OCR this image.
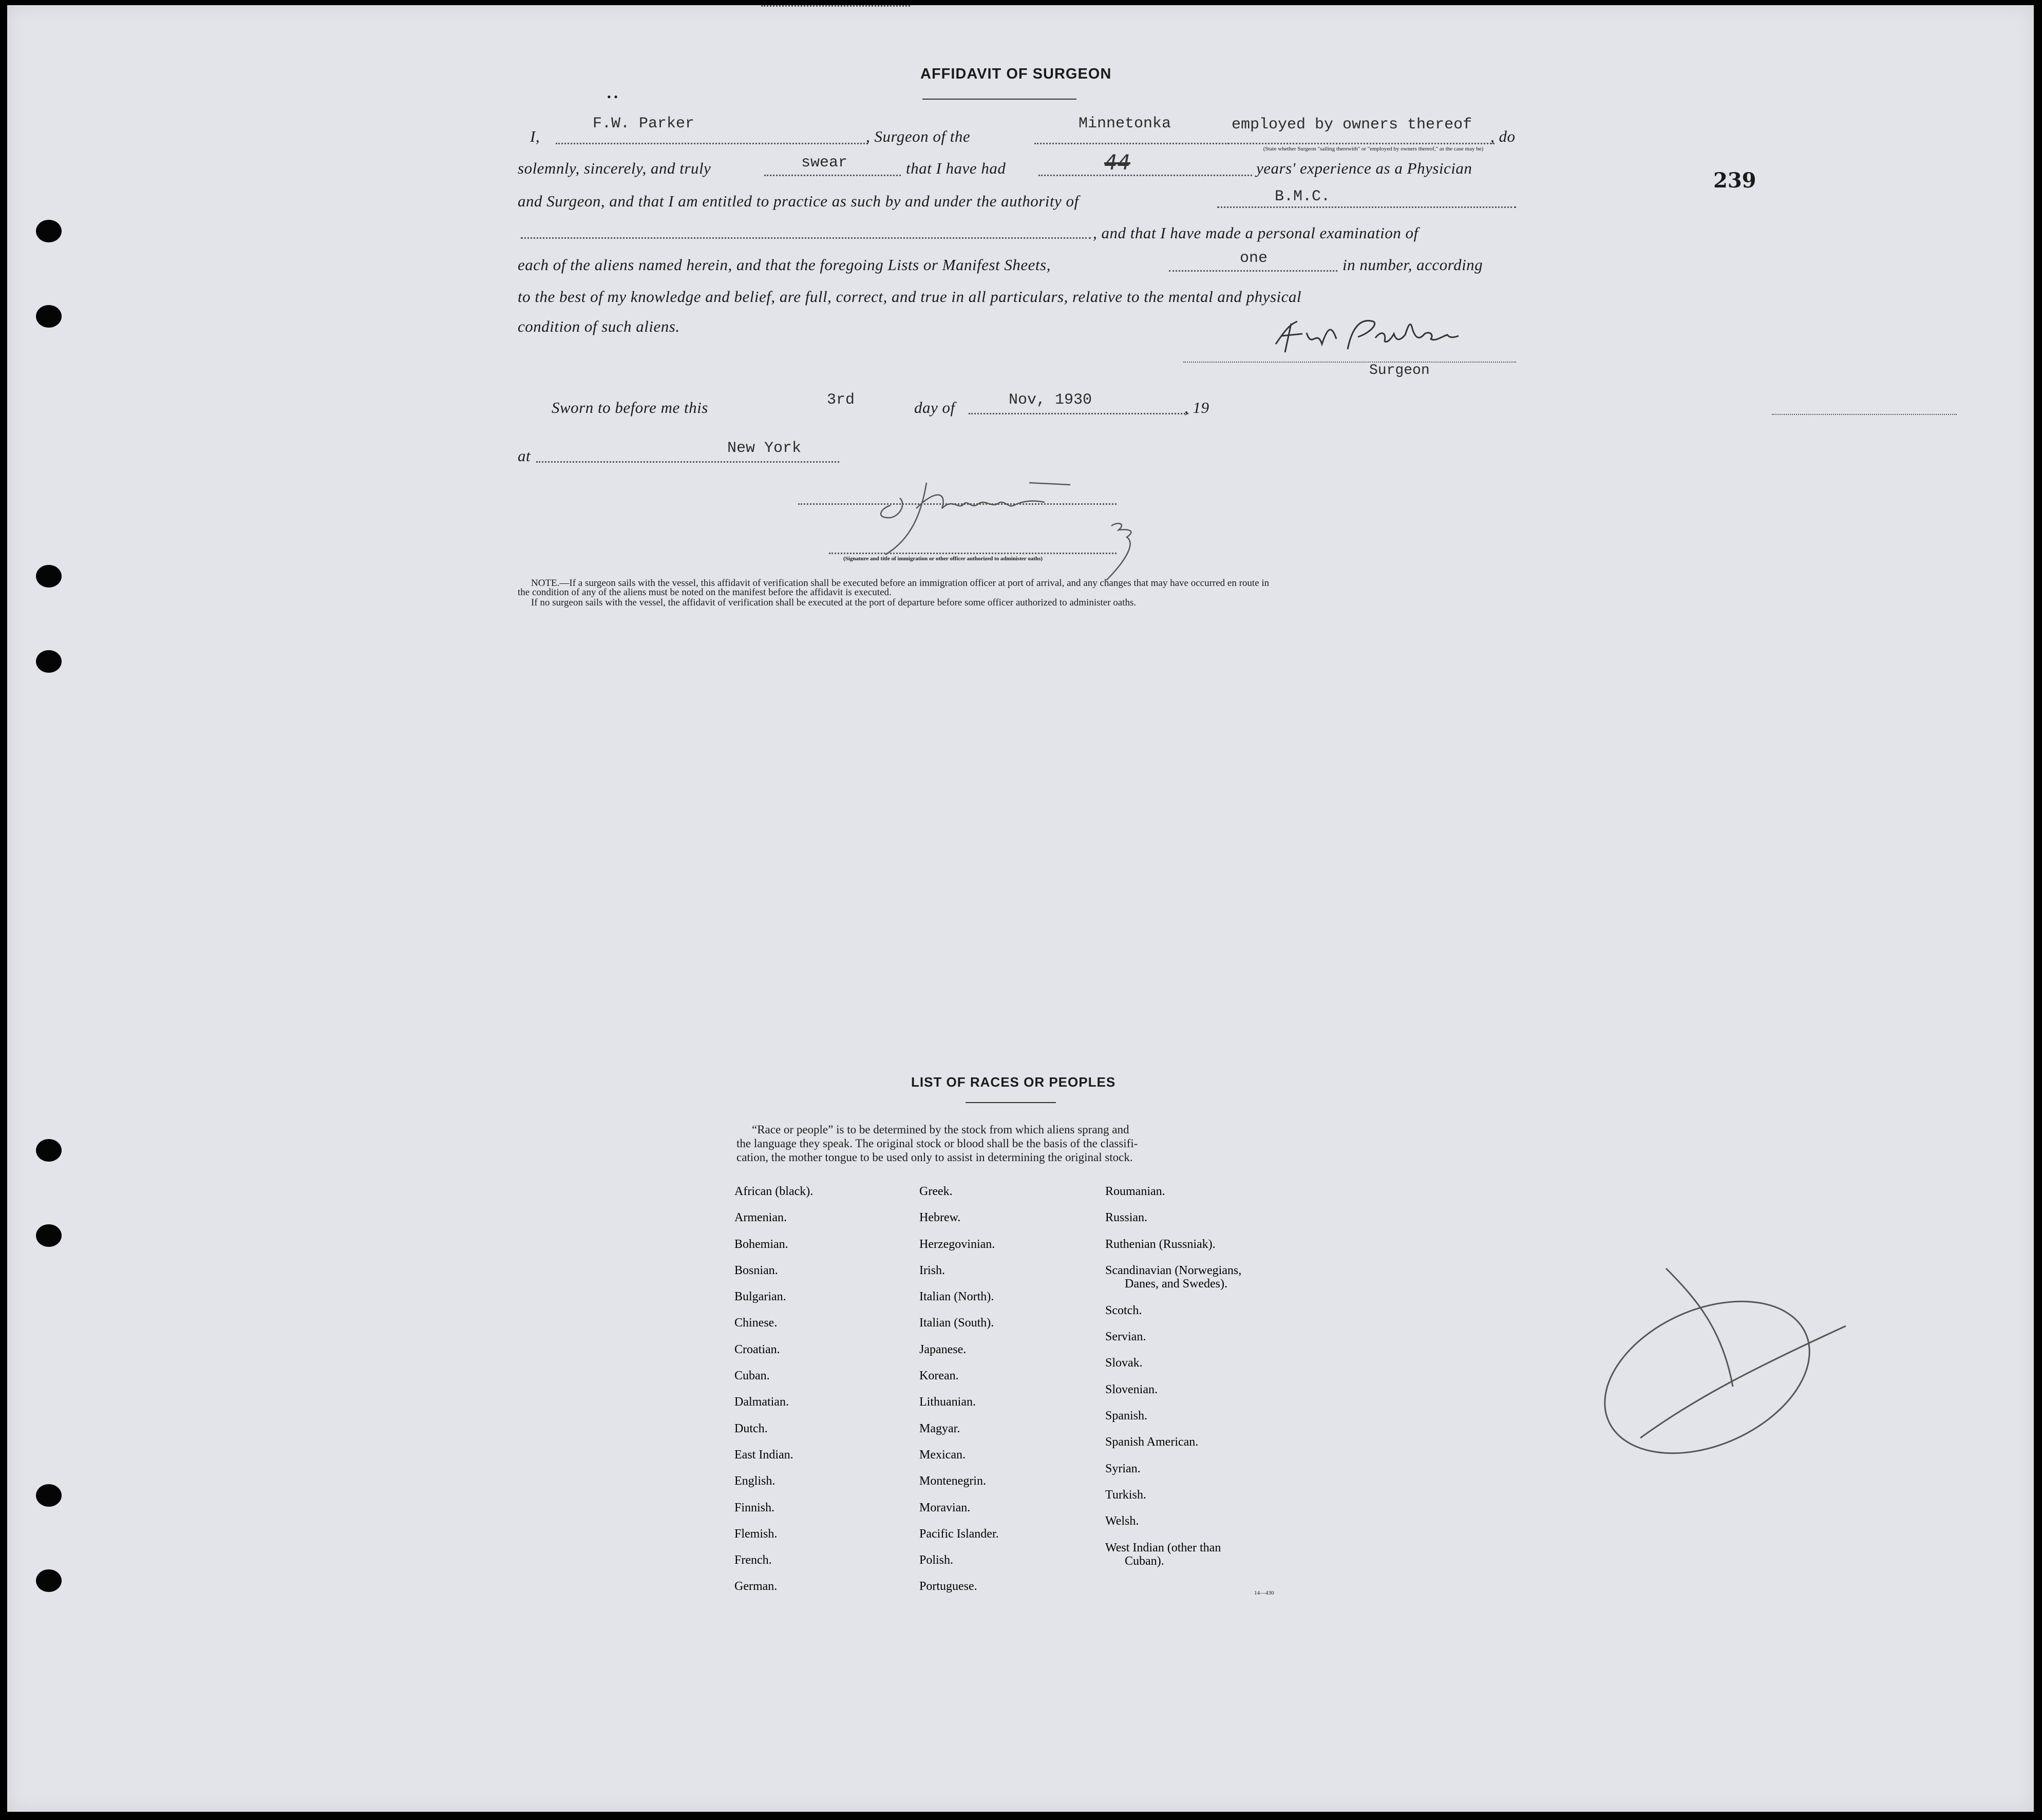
239
AFFIDAVIT OF SURGEON
• •
I,
F.W. Parker
, Surgeon of the
Minnetonka	employed by owners thereof
(State whether Surgeon "sailing therewith" or "employed by owners thereof," as the case may be)
, do
solemnly, sincerely, and truly	swear	that I have had	44	years' experience as a Physician
and Surgeon, and that I am entitled to practice as such by and under the authority of	B.M.C.
, and that I have made a personal examination of
each of the aliens named herein, and that the foregoing Lists or Manifest Sheets,	one	in number, according
to the best of my knowledge and belief, are full, correct, and true in all particulars, relative to the mental and physical
condition of such aliens.
Surgeon
Sworn to before me this	3rd	day of	Nov, 1930	, 19
at	New York
(Signature and title of immigration or other officer authorized to administer oaths)
NOTE.—If a surgeon sails with the vessel, this affidavit of verification shall be executed before an immigration officer at port of arrival, and any changes that may have occurred en route in
the condition of any of the aliens must be noted on the manifest before the affidavit is executed.
If no surgeon sails with the vessel, the affidavit of verification shall be executed at the port of departure before some officer authorized to administer oaths.
LIST OF RACES OR PEOPLES
“Race or people” is to be determined by the stock from which aliens sprang and
the language they speak. The original stock or blood shall be the basis of the classifi-
cation, the mother tongue to be used only to assist in determining the original stock.
African (black).
Armenian.
Bohemian.
Bosnian.
Bulgarian.
Chinese.
Croatian.
Cuban.
Dalmatian.
Dutch.
East Indian.
English.
Finnish.
Flemish.
French.
German.
Greek.
Hebrew.
Herzegovinian.
Irish.
Italian (North).
Italian (South).
Japanese.
Korean.
Lithuanian.
Magyar.
Mexican.
Montenegrin.
Moravian.
Pacific Islander.
Polish.
Portuguese.
Roumanian.
Russian.
Ruthenian (Russniak).
Scandinavian (Norwegians,
Danes, and Swedes).
Scotch.
Servian.
Slovak.
Slovenian.
Spanish.
Spanish American.
Syrian.
Turkish.
Welsh.
West Indian (other than
Cuban).
14—430
